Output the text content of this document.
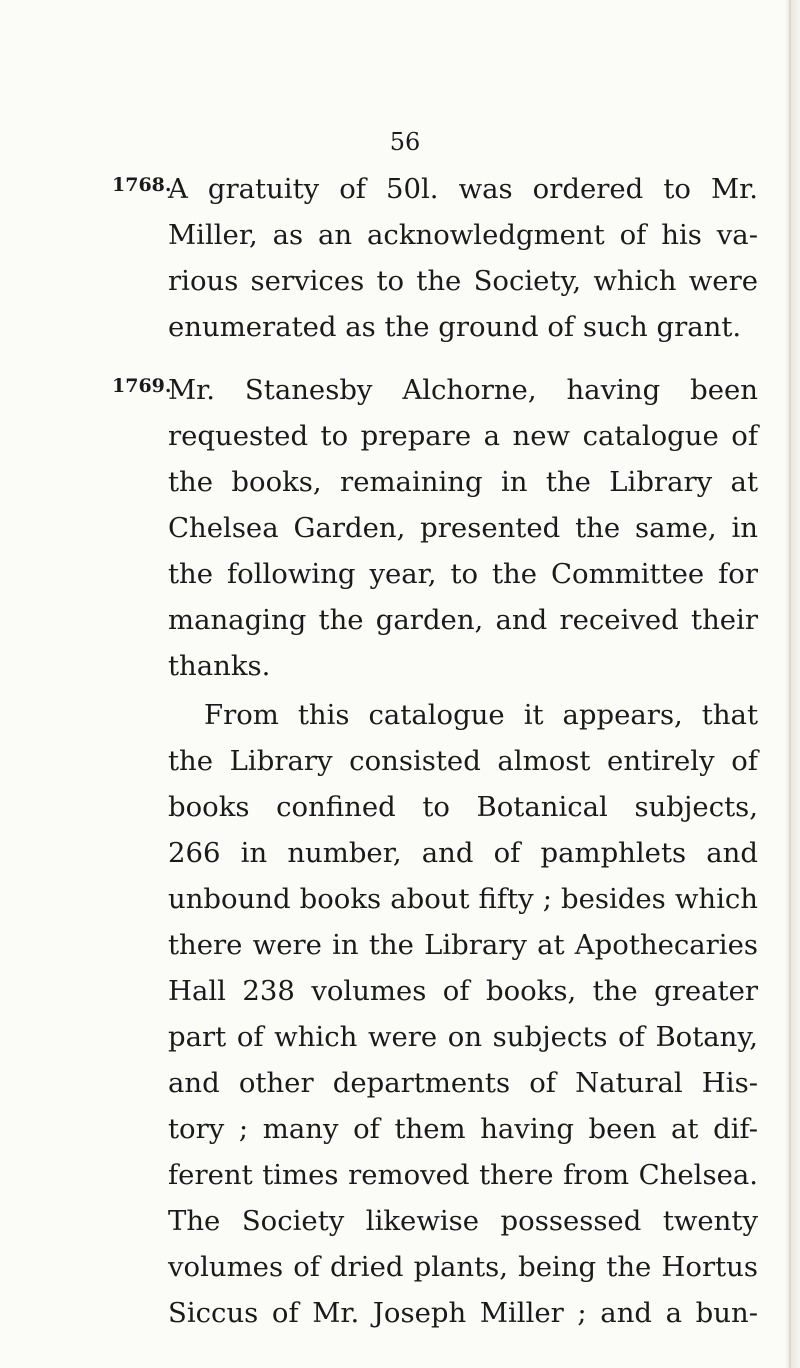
56
1768.
A gratuity of 50l. was ordered to Mr.
Miller, as an acknowledgment of his va-
rious services to the Society, which were
enumerated as the ground of such grant.
1769.
Mr. Stanesby Alchorne, having been
requested to prepare a new catalogue of
the books, remaining in the Library at
Chelsea Garden, presented the same, in
the following year, to the Committee for
managing the garden, and received their
thanks.
From this catalogue it appears, that
the Library consisted almost entirely of
books confined to Botanical subjects,
266 in number, and of pamphlets and
unbound books about fifty ; besides which
there were in the Library at Apothecaries
Hall 238 volumes of books, the greater
part of which were on subjects of Botany,
and other departments of Natural His-
tory ; many of them having been at dif-
ferent times removed there from Chelsea.
The Society likewise possessed twenty
volumes of dried plants, being the Hortus
Siccus of Mr. Joseph Miller ; and a bun-
